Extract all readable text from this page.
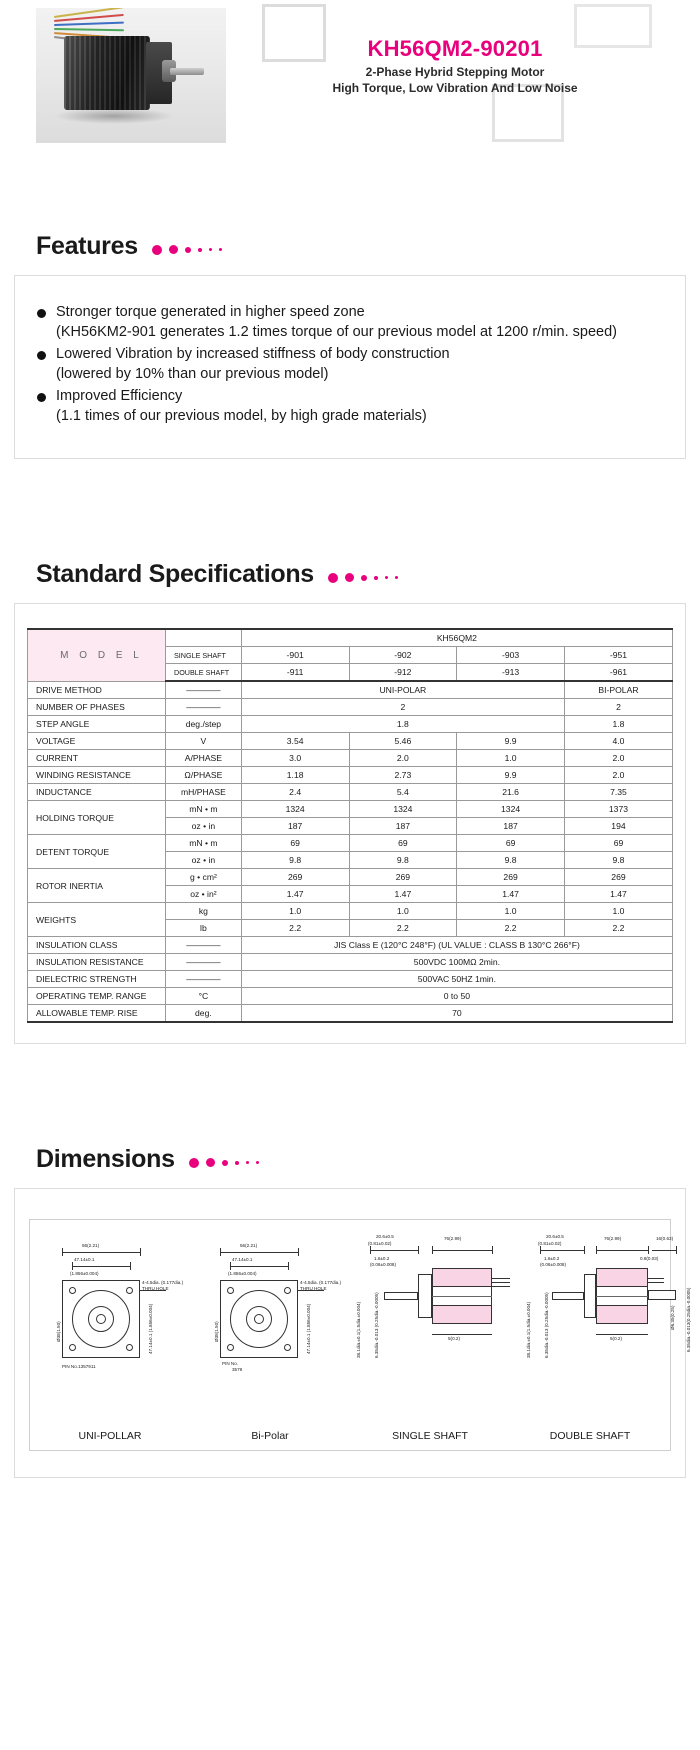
KH56QM2-90201
2-Phase Hybrid Stepping Motor
High Torque, Low Vibration And Low Noise
Features
Stronger torque generated in higher speed zone
(KH56KM2-901 generates 1.2 times torque of our previous model at 1200 r/min. speed)
Lowered Vibration by increased stiffness of body construction
(lowered by 10% than our previous model)
Improved Efficiency
(1.1 times of our previous model, by high grade materials)
Standard Specifications
M O D E L		KH56QM2			
	SINGLE SHAFT	-901	-902	-903	-951
	DOUBLE SHAFT	-911	-912	-913	-961
DRIVE METHOD	————	UNI-POLAR			BI-POLAR
NUMBER OF PHASES	————	2			2
STEP ANGLE	deg./step	1.8			1.8
VOLTAGE	V	3.54	5.46	9.9	4.0
CURRENT	A/PHASE	3.0	2.0	1.0	2.0
WINDING RESISTANCE	Ω/PHASE	1.18	2.73	9.9	2.0
INDUCTANCE	mH/PHASE	2.4	5.4	21.6	7.35
HOLDING TORQUE	mN • m	1324	1324	1324	1373
	oz • in	187	187	187	194
DETENT TORQUE	mN • m	69	69	69	69
	oz • in	9.8	9.8	9.8	9.8
ROTOR INERTIA	g • cm²	269	269	269	269
	oz • in²	1.47	1.47	1.47	1.47
WEIGHTS	kg	1.0	1.0	1.0	1.0
	lb	2.2	2.2	2.2	2.2
INSULATION CLASS	————	JIS Class E (120°C 248°F) (UL VALUE : CLASS B 130°C 266°F)			
INSULATION RESISTANCE	————	500VDC 100MΩ 2min.			
DIELECTRIC STRENGTH	————	500VAC 50HZ 1min.			
OPERATING TEMP. RANGE	°C	0 to 50			
ALLOWABLE TEMP. RISE	deg.	70			
Dimensions
56(2.21)
47.14±0.1
(1.856±0.004)
4-4.5dia. (0.177dia.)
THRU HOLE
Ø38(1.50)	47.14±0.1 (1.856±0.004)
PIN No.1357911
56(2.21)
47.14±0.1
(1.856±0.004)
4-4.5dia. (0.177dia.)
THRU HOLE
Ø38(1.50)	47.14±0.1 (1.856±0.004)
PIN No.
3579
20.6±0.5
(0.81±0.02)
76(2.99)
1.6±0.2
(0.06±0.008)
38.1dia.±0.1(1.5dia.±0.004)	6.35dia.-0.013 (0.25dia.-0.0005)	5(0.2)
20.6±0.5
(0.81±0.02)
76(2.99)	16(0.63)
1.6±0.2
(0.06±0.008)
0.8(0.03)
38.1dia.±0.1(1.5dia.±0.004)	6.35dia.-0.013 (0.25dia.-0.0005)	6.35dia.-0.013(0.25dia.-0.0005)
Ø6.35(0.25)
5(0.2)
UNI-POLLAR	Bi-Polar	SINGLE SHAFT	DOUBLE SHAFT
